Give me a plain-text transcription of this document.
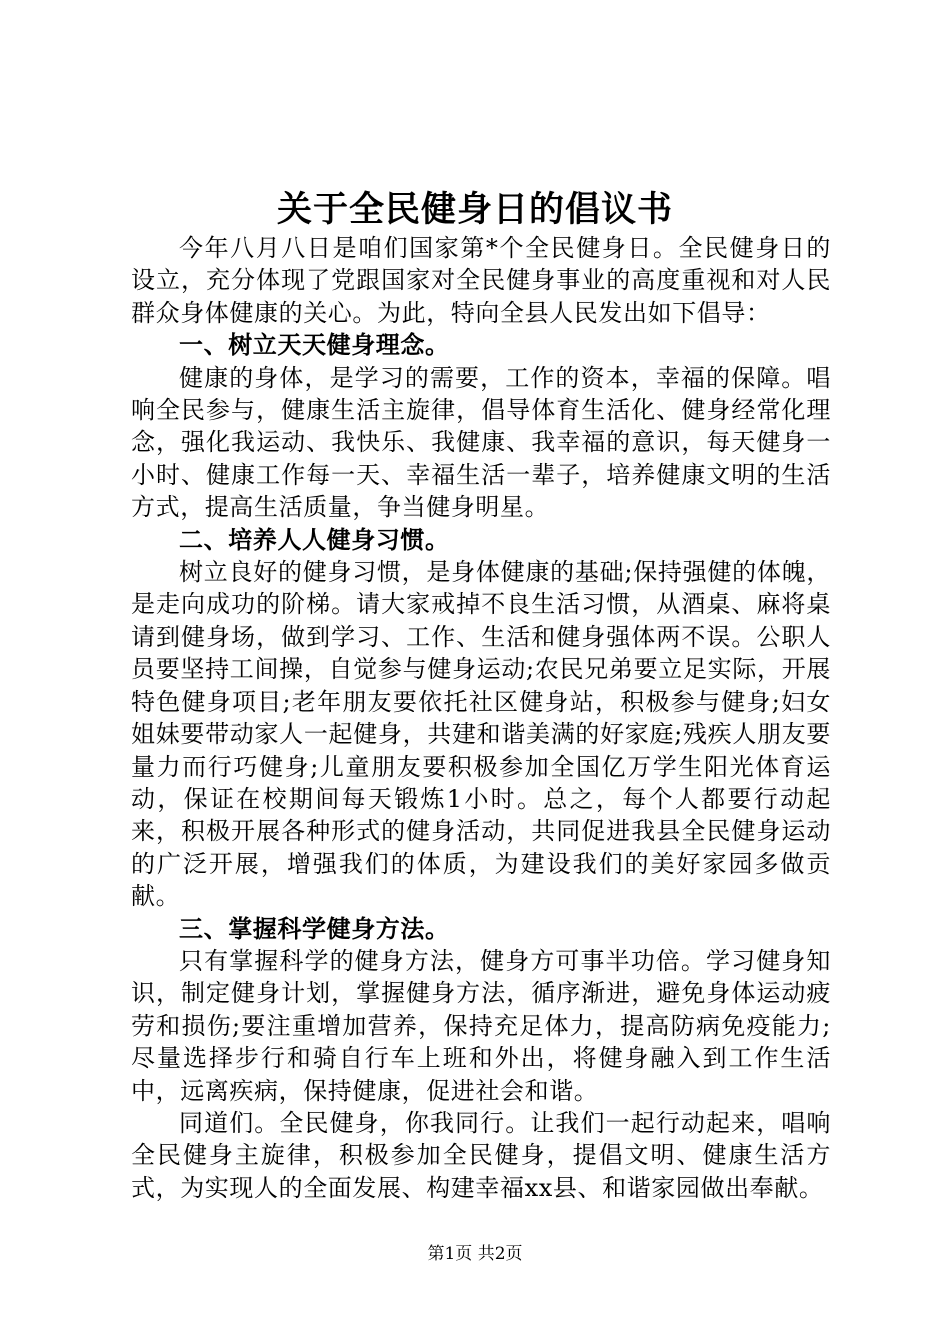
关于全民健身日的倡议书

今年八月八日是咱们国家第*个全民健身日。全民健身日的设立，充分体现了党跟国家对全民健身事业的高度重视和对人民群众身体健康的关心。为此，特向全县人民发出如下倡导：

一、树立天天健身理念。

健康的身体，是学习的需要，工作的资本，幸福的保障。唱响全民参与，健康生活主旋律，倡导体育生活化、健身经常化理念，强化我运动、我快乐、我健康、我幸福的意识，每天健身一小时、健康工作每一天、幸福生活一辈子，培养健康文明的生活方式，提高生活质量，争当健身明星。

二、培养人人健身习惯。

树立良好的健身习惯，是身体健康的基础;保持强健的体魄，是走向成功的阶梯。请大家戒掉不良生活习惯，从酒桌、麻将桌请到健身场，做到学习、工作、生活和健身强体两不误。公职人员要坚持工间操，自觉参与健身运动;农民兄弟要立足实际，开展特色健身项目;老年朋友要依托社区健身站，积极参与健身;妇女姐妹要带动家人一起健身，共建和谐美满的好家庭;残疾人朋友要量力而行巧健身;儿童朋友要积极参加全国亿万学生阳光体育运动，保证在校期间每天锻炼1小时。总之，每个人都要行动起来，积极开展各种形式的健身活动，共同促进我县全民健身运动的广泛开展，增强我们的体质，为建设我们的美好家园多做贡献。

三、掌握科学健身方法。

只有掌握科学的健身方法，健身方可事半功倍。学习健身知识，制定健身计划，掌握健身方法，循序渐进，避免身体运动疲劳和损伤;要注重增加营养，保持充足体力，提高防病免疫能力;尽量选择步行和骑自行车上班和外出，将健身融入到工作生活中，远离疾病，保持健康，促进社会和谐。

同道们。全民健身，你我同行。让我们一起行动起来，唱响全民健身主旋律，积极参加全民健身，提倡文明、健康生活方式，为实现人的全面发展、构建幸福xx县、和谐家园做出奉献。

第1页 共2页
